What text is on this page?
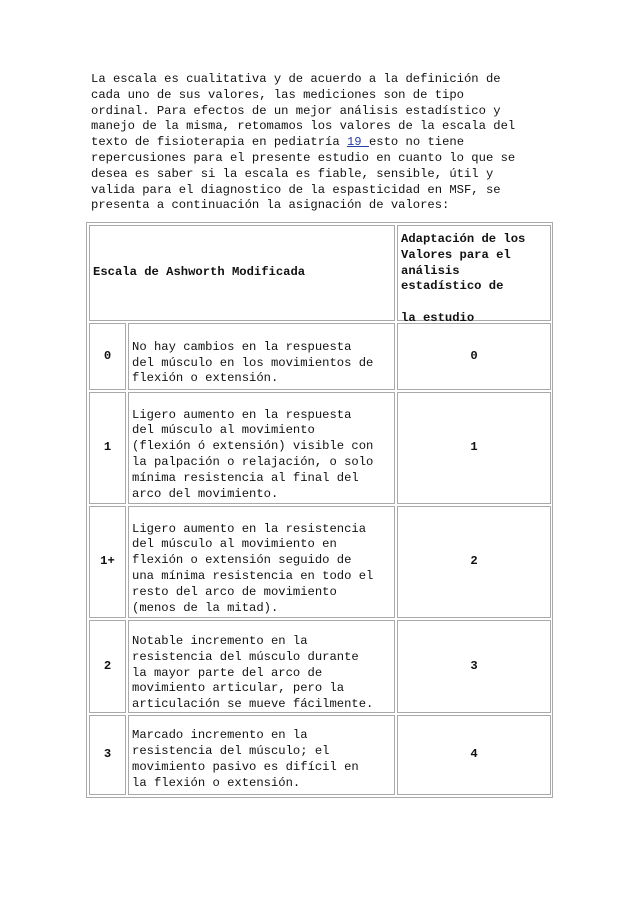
La escala es cualitativa y de acuerdo a la definición de
cada uno de sus valores, las mediciones son de tipo
ordinal. Para efectos de un mejor análisis estadístico y
manejo de la misma, retomamos los valores de la escala del
texto de fisioterapia en pediatría 19 esto no tiene
repercusiones para el presente estudio en cuanto lo que se
desea es saber si la escala es fiable, sensible, útil y
valida para el diagnostico de la espasticidad en MSF, se
presenta a continuación la asignación de valores:
Escala de Ashworth Modificada
Adaptación de los
Valores para el
análisis
estadístico de
la estudio
0
No hay cambios en la respuesta
del músculo en los movimientos de
flexión o extensión.
0
1
Ligero aumento en la respuesta
del músculo al movimiento
(flexión ó extensión) visible con
la palpación o relajación, o solo
mínima resistencia al final del
arco del movimiento.
1
1+
Ligero aumento en la resistencia
del músculo al movimiento en
flexión o extensión seguido de
una mínima resistencia en todo el
resto del arco de movimiento
(menos de la mitad).
2
2
Notable incremento en la
resistencia del músculo durante
la mayor parte del arco de
movimiento articular, pero la
articulación se mueve fácilmente.
3
3
Marcado incremento en la
resistencia del músculo; el
movimiento pasivo es difícil en
la flexión o extensión.
4
